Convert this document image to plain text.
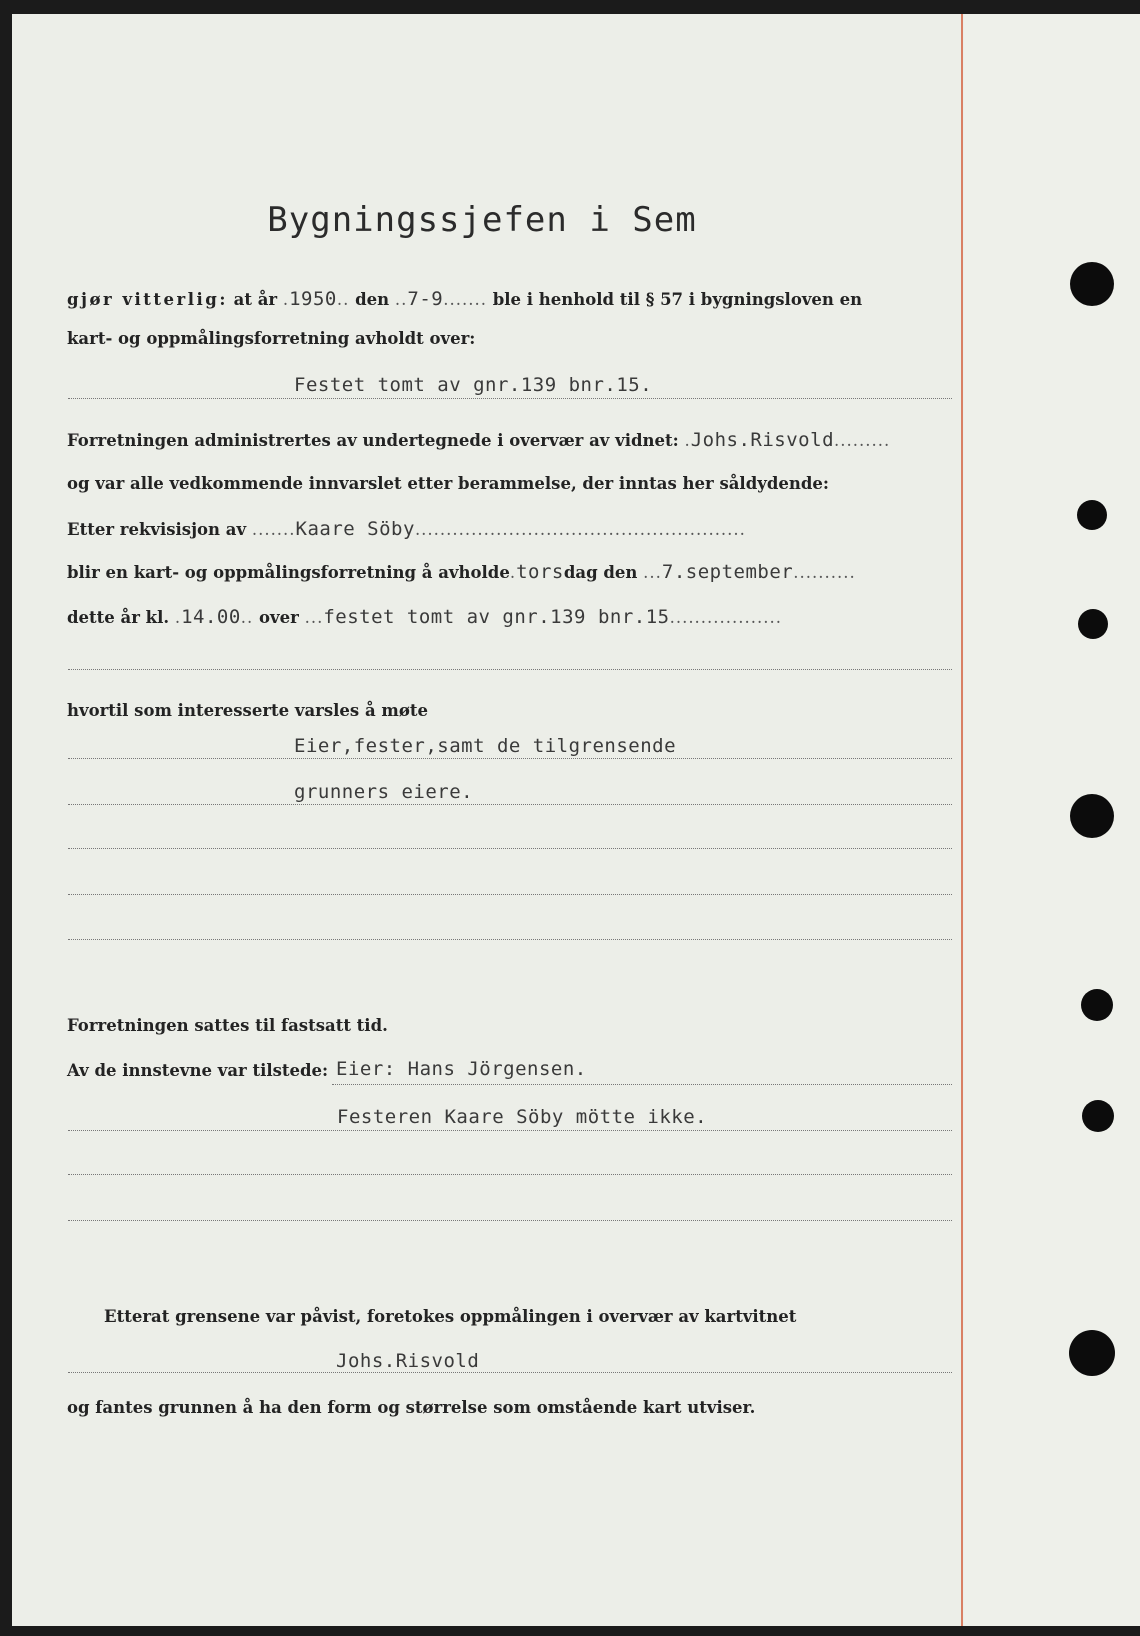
Bygningssjefen i Sem
gjør vitterlig: at år .1950.. den ..7-9....... ble i henhold til § 57 i bygningsloven en
kart- og oppmålingsforretning avholdt over:
Festet tomt av gnr.139 bnr.15.
Forretningen administrertes av undertegnede i overvær av vidnet: .Johs.Risvold.........
og var alle vedkommende innvarslet etter berammelse, der inntas her såldydende:
Etter rekvisisjon av .......Kaare Söby.....................................................
blir en kart- og oppmålingsforretning å avholde.torsdag den ...7.september..........
dette år kl. .14.00.. over ...festet tomt av gnr.139 bnr.15..................
hvortil som interesserte varsles å møte
Eier,fester,samt de tilgrensende
grunners eiere.
Forretningen sattes til fastsatt tid.
Av de innstevne var tilstede: Eier: Hans Jörgensen.
Festeren Kaare Söby mötte ikke.
Etterat grensene var påvist, foretokes oppmålingen i overvær av kartvitnet
Johs.Risvold
og fantes grunnen å ha den form og størrelse som omstående kart utviser.
